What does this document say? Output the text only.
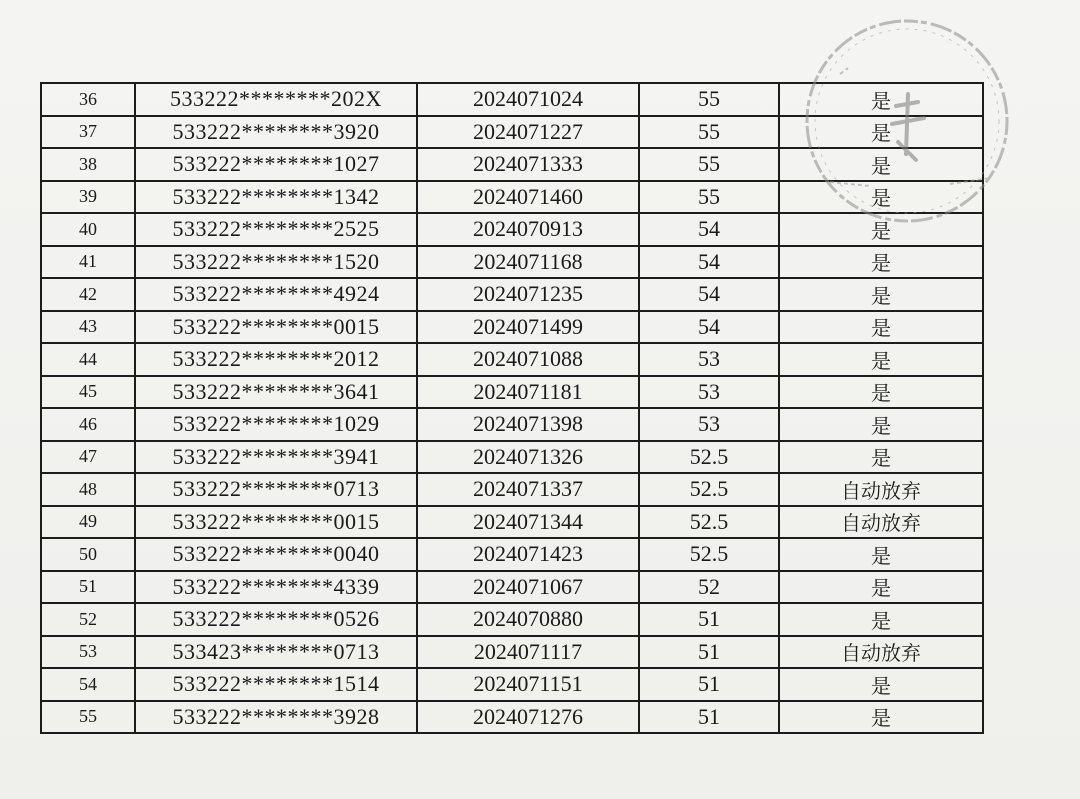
36	533222********202X	2024071024	55	是
37	533222********3920	2024071227	55	是
38	533222********1027	2024071333	55	是
39	533222********1342	2024071460	55	是
40	533222********2525	2024070913	54	是
41	533222********1520	2024071168	54	是
42	533222********4924	2024071235	54	是
43	533222********0015	2024071499	54	是
44	533222********2012	2024071088	53	是
45	533222********3641	2024071181	53	是
46	533222********1029	2024071398	53	是
47	533222********3941	2024071326	52.5	是
48	533222********0713	2024071337	52.5	自动放弃
49	533222********0015	2024071344	52.5	自动放弃
50	533222********0040	2024071423	52.5	是
51	533222********4339	2024071067	52	是
52	533222********0526	2024070880	51	是
53	533423********0713	2024071117	51	自动放弃
54	533222********1514	2024071151	51	是
55	533222********3928	2024071276	51	是
